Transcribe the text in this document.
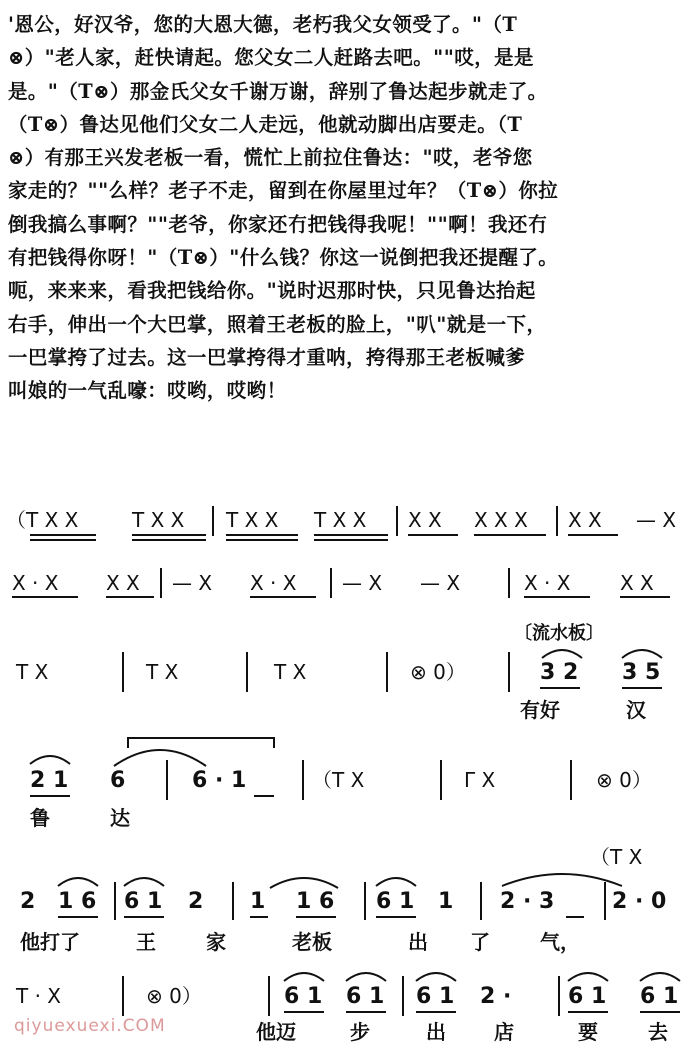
'恩公，好汉爷，您的大恩大德，老朽我父女领受了。"（T
⊗）"老人家，赶快请起。您父女二人赶路去吧。""哎，是是
是。"（T⊗）那金氏父女千谢万谢，辞别了鲁达起步就走了。
（T⊗）鲁达见他们父女二人走远，他就动脚出店要走。（T
⊗）有那王兴发老板一看，慌忙上前拉住鲁达："哎，老爷您
家走的？""么样？老子不走，留到在你屋里过年？（T⊗）你拉
倒我搞么事啊？""老爷，你家还冇把钱得我呢！""啊！我还冇
有把钱得你呀！"（T⊗）"什么钱？你这一说倒把我还提醒了。
呃，来来来，看我把钱给你。"说时迟那时快，只见鲁达抬起
右手，伸出一个大巴掌，照着王老板的脸上，"叭"就是一下，
一巴掌挎了过去。这一巴掌挎得才重呐，挎得那王老板喊爹
叫娘的一气乱嚎：哎哟，哎哟！
（T X X	T X X T X X T X X X X X X X X X — X
X · X X X — X X · X — X — X	X · X X X
T X	T X	T X	⊗ 0）
〔流水板〕
3 2 3 5
有好	汉
2 1 6	6 · 1	（T X	Γ X	⊗ 0）
鲁	达
（T X
2 1 6 6 1 2 1 1 6 6 1 1 2 · 3	2 · 0
他打了	王	家	老板	出 了	气，
T · X	⊗ 0）	6 1 6 1 6 1 2 ·	6 1 6 1
他迈	步	出 店	要	去
qiyuexuexi.COM
